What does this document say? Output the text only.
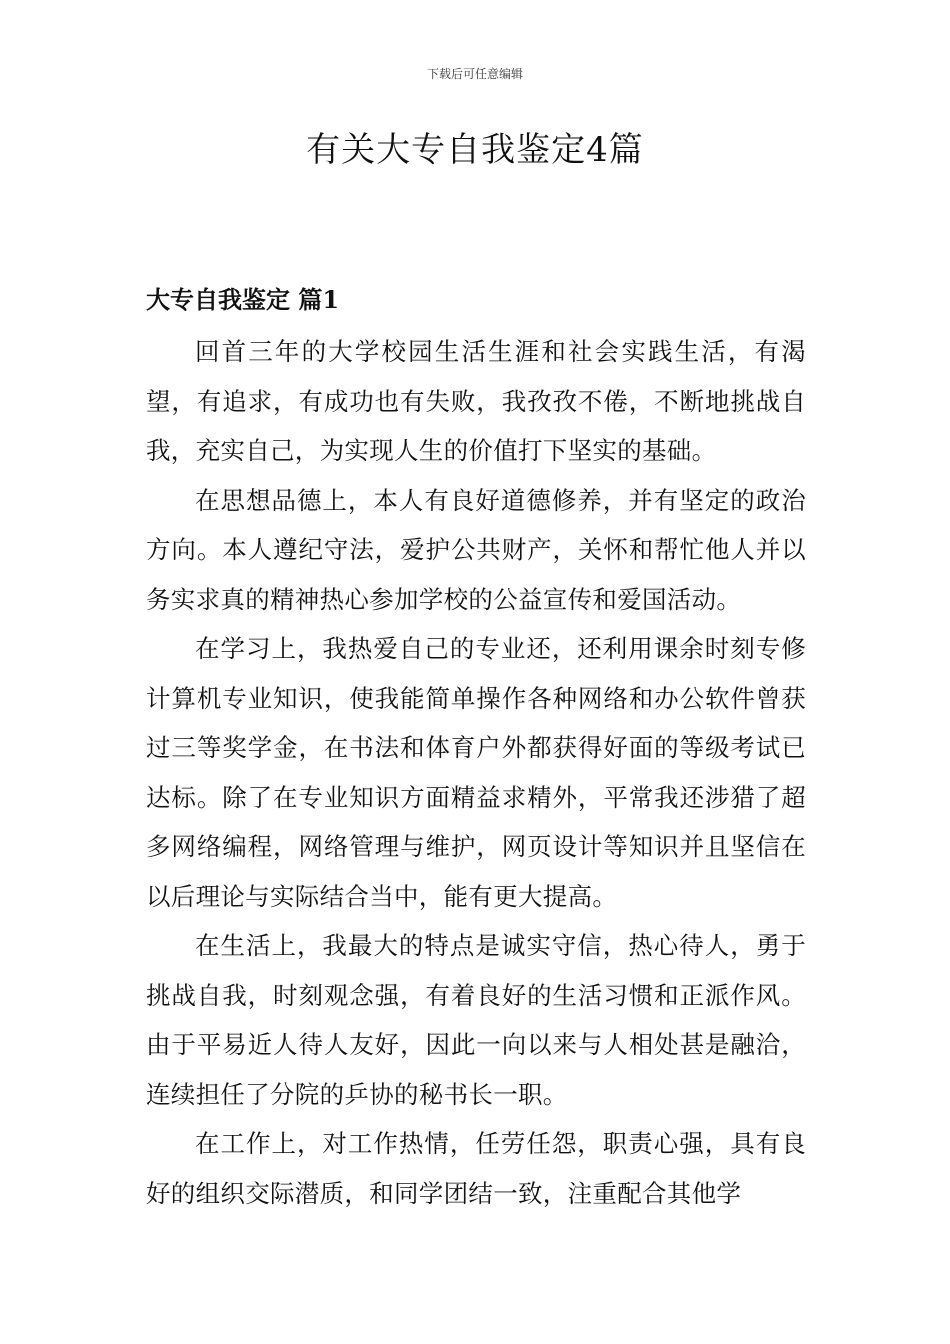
下载后可任意编辑
有关大专自我鉴定4篇
大专自我鉴定 篇1

回首三年的大学校园生活生涯和社会实践生活，有渴望，有追求，有成功也有失败，我孜孜不倦，不断地挑战自我，充实自己，为实现人生的价值打下坚实的基础。

在思想品德上，本人有良好道德修养，并有坚定的政治方向。本人遵纪守法，爱护公共财产，关怀和帮忙他人并以务实求真的精神热心参加学校的公益宣传和爱国活动。

在学习上，我热爱自己的专业还，还利用课余时刻专修计算机专业知识，使我能简单操作各种网络和办公软件曾获过三等奖学金，在书法和体育户外都获得好面的等级考试已达标。除了在专业知识方面精益求精外，平常我还涉猎了超多网络编程，网络管理与维护，网页设计等知识并且坚信在以后理论与实际结合当中，能有更大提高。

在生活上，我最大的特点是诚实守信，热心待人，勇于挑战自我，时刻观念强，有着良好的生活习惯和正派作风。由于平易近人待人友好，因此一向以来与人相处甚是融洽，连续担任了分院的乒协的秘书长一职。

在工作上，对工作热情，任劳任怨，职责心强，具有良好的组织交际潜质，和同学团结一致，注重配合其他学
